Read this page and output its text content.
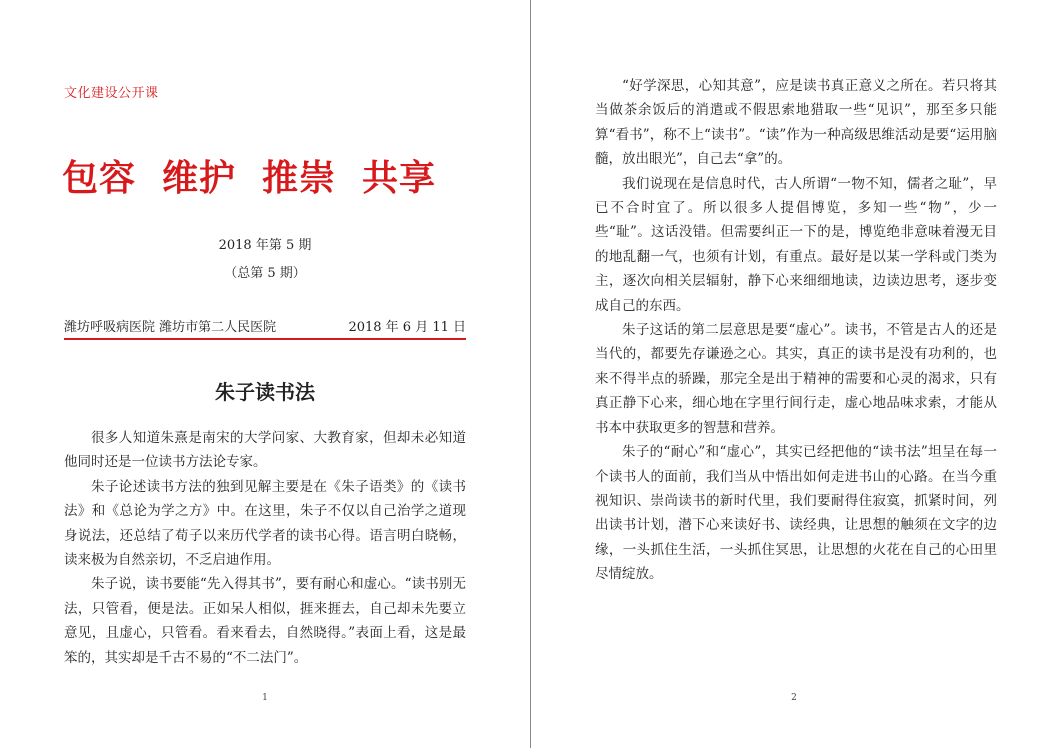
文化建设公开课
包容 维护 推崇 共享
2018 年第 5 期
（总第 5 期）
潍坊呼吸病医院 潍坊市第二人民医院	2018 年 6 月 11 日
朱子读书法

很多人知道朱熹是南宋的大学问家、大教育家，但却未必知道他同时还是一位读书方法论专家。

朱子论述读书方法的独到见解主要是在《朱子语类》的《读书法》和《总论为学之方》中。在这里，朱子不仅以自己治学之道现身说法，还总结了荀子以来历代学者的读书心得。语言明白晓畅，读来极为自然亲切，不乏启迪作用。

朱子说，读书要能“先入得其书”，要有耐心和虚心。“读书别无法，只管看，便是法。正如呆人相似，捱来捱去，自己却未先要立意见，且虚心，只管看。看来看去，自然晓得。”表面上看，这是最笨的，其实却是千古不易的“不二法门”。

1

“好学深思，心知其意”，应是读书真正意义之所在。若只将其当做茶余饭后的消遣或不假思索地猎取一些“见识”，那至多只能算“看书”，称不上“读书”。“读”作为一种高级思维活动是要“运用脑髓，放出眼光”，自己去“拿”的。

我们说现在是信息时代，古人所谓“一物不知，儒者之耻”，早已不合时宜了。所以很多人提倡博览，多知一些“物”，少一些“耻”。这话没错。但需要纠正一下的是，博览绝非意味着漫无目的地乱翻一气，也须有计划，有重点。最好是以某一学科或门类为主，逐次向相关层辐射，静下心来细细地读，边读边思考，逐步变成自己的东西。

朱子这话的第二层意思是要“虚心”。读书，不管是古人的还是当代的，都要先存谦逊之心。其实，真正的读书是没有功利的，也来不得半点的骄躁，那完全是出于精神的需要和心灵的渴求，只有真正静下心来，细心地在字里行间行走，虚心地品味求索，才能从书本中获取更多的智慧和营养。

朱子的“耐心”和“虚心”，其实已经把他的“读书法”坦呈在每一个读书人的面前，我们当从中悟出如何走进书山的心路。在当今重视知识、崇尚读书的新时代里，我们要耐得住寂寞，抓紧时间，列出读书计划，潜下心来读好书、读经典，让思想的触须在文字的边缘，一头抓住生活，一头抓住冥思，让思想的火花在自己的心田里尽情绽放。

2
